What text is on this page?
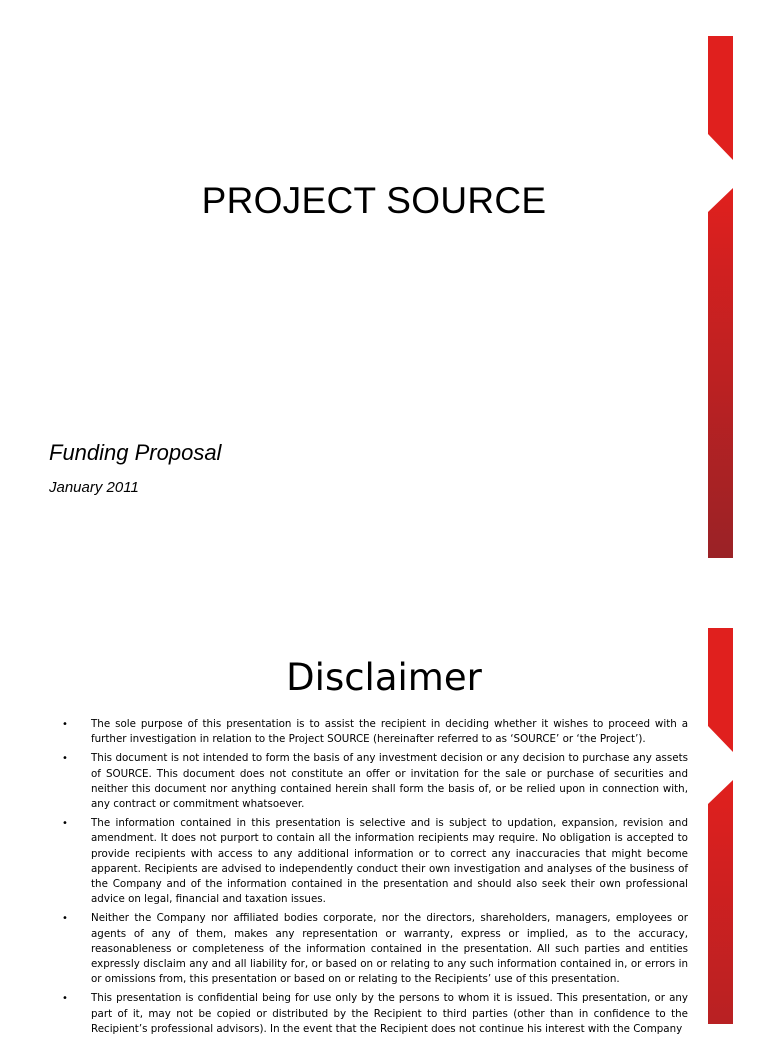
PROJECT SOURCE
Funding Proposal
January 2011
Disclaimer
• The sole purpose of this presentation is to assist the recipient in deciding whether it wishes to proceed with a further investigation in relation to the Project SOURCE (hereinafter referred to as ‘SOURCE’ or ‘the Project’).
• This document is not intended to form the basis of any investment decision or any decision to purchase any assets of SOURCE. This document does not constitute an offer or invitation for the sale or purchase of securities and neither this document nor anything contained herein shall form the basis of, or be relied upon in connection with, any contract or commitment whatsoever.
• The information contained in this presentation is selective and is subject to updation, expansion, revision and amendment. It does not purport to contain all the information recipients may require. No obligation is accepted to provide recipients with access to any additional information or to correct any inaccuracies that might become apparent. Recipients are advised to independently conduct their own investigation and analyses of the business of the Company and of the information contained in the presentation and should also seek their own professional advice on legal, financial and taxation issues.
• Neither the Company nor affiliated bodies corporate, nor the directors, shareholders, managers, employees or agents of any of them, makes any representation or warranty, express or implied, as to the accuracy, reasonableness or completeness of the information contained in the presentation. All such parties and entities expressly disclaim any and all liability for, or based on or relating to any such information contained in, or errors in or omissions from, this presentation or based on or relating to the Recipients’ use of this presentation.
• This presentation is confidential being for use only by the persons to whom it is issued. This presentation, or any part of it, may not be copied or distributed by the Recipient to third parties (other than in confidence to the Recipient’s professional advisors). In the event that the Recipient does not continue his interest with the Company
